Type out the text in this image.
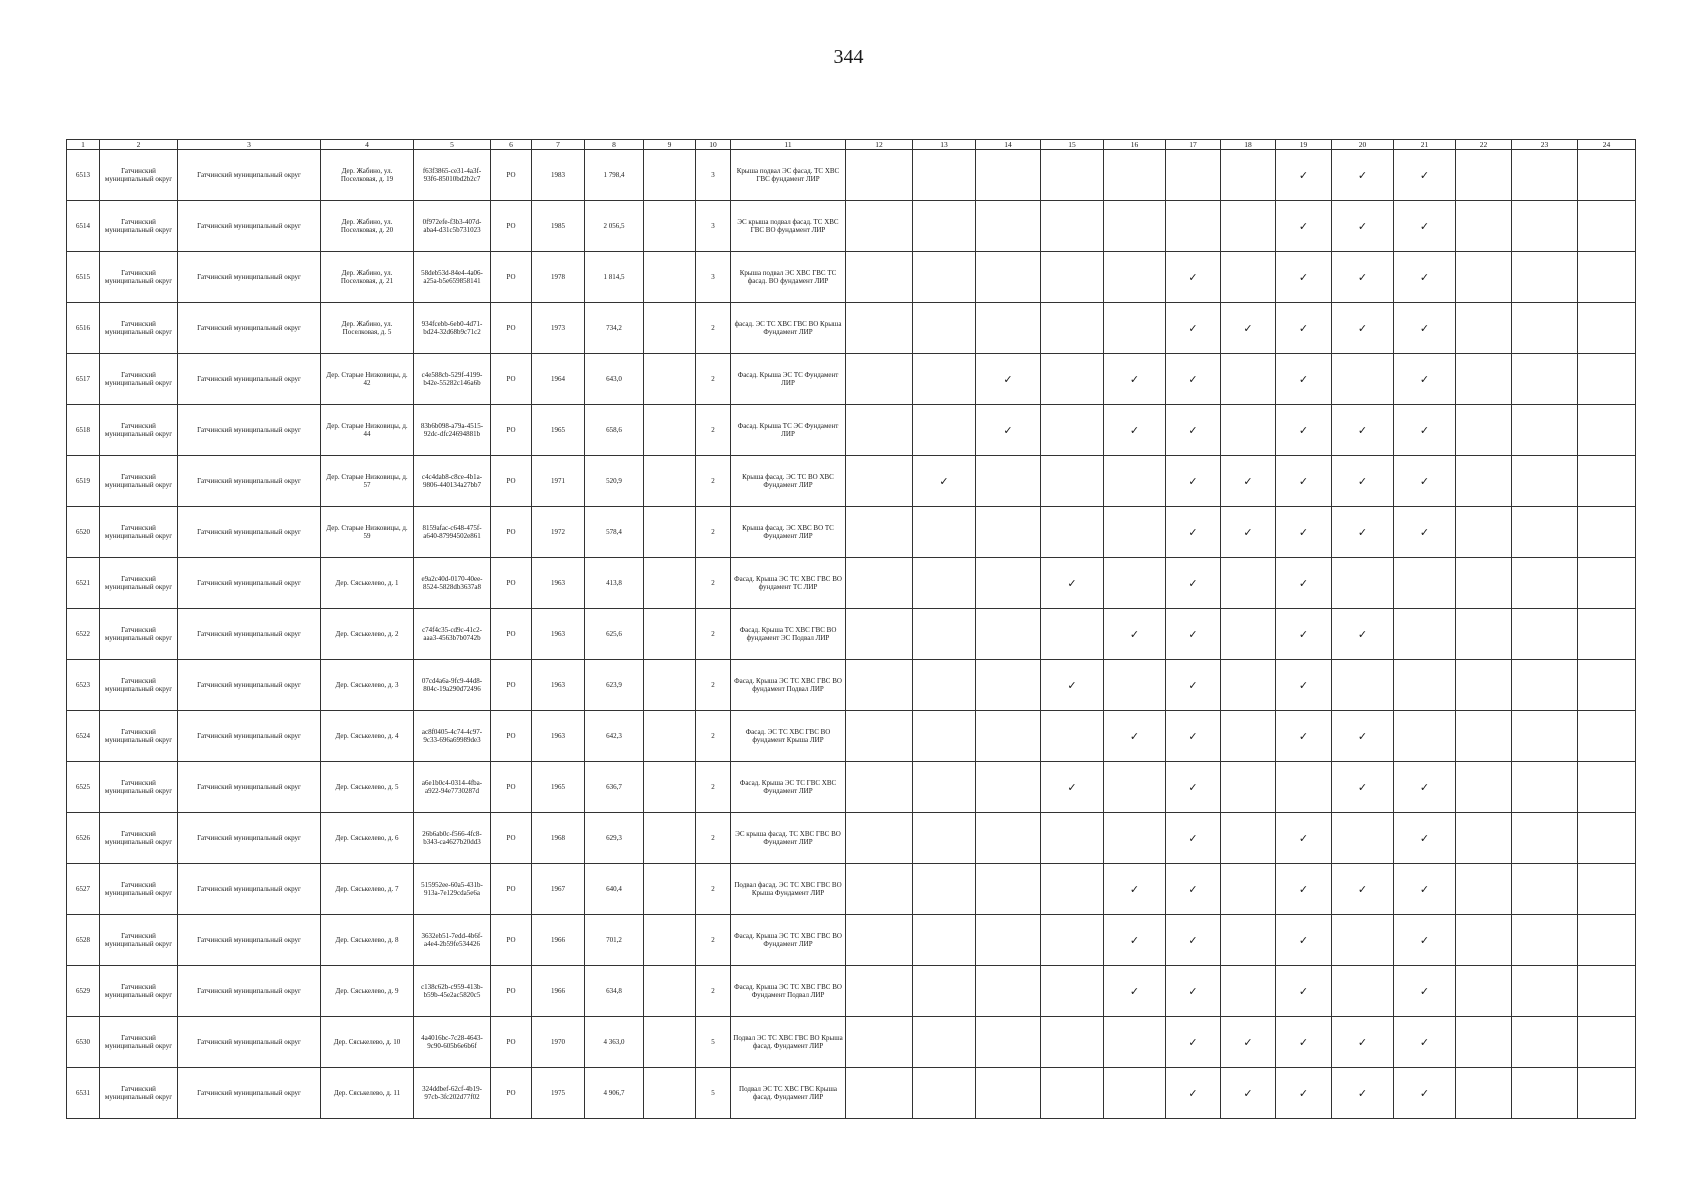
344
1	2	3	4	5	6	7	8	9	10	11	12	13	14	15	16	17	18	19	20	21	22	23	24
6513	Гатчинский муниципальный округ	Гатчинский муниципальный округ	Дер. Жабино, ул. Поселковая, д. 19	f63f3865-ce31-4a3f-93f6-85010bd2b2c7	РО	1983	1 798,4		3	Крыша подвал ЭС фасад. ТС ХВС ГВС фундамент ЛИР								✓	✓	✓			
6514	Гатчинский муниципальный округ	Гатчинский муниципальный округ	Дер. Жабино, ул. Поселковая, д. 20	0f972efe-f3b3-407d-aba4-d31c5b731023	РО	1985	2 056,5		3	ЭС крыша подвал фасад. ТС ХВС ГВС ВО фундамент ЛИР								✓	✓	✓			
6515	Гатчинский муниципальный округ	Гатчинский муниципальный округ	Дер. Жабино, ул. Поселковая, д. 21	58deb53d-84e4-4a06-a25a-b5e659858141	РО	1978	1 814,5		3	Крыша подвал ЭС ХВС ГВС ТС фасад. ВО фундамент ЛИР						✓		✓	✓	✓			
6516	Гатчинский муниципальный округ	Гатчинский муниципальный округ	Дер. Жабино, ул. Поселковая, д. 5	934fcebb-6eb0-4d71-bd24-32d68b9c71c2	РО	1973	734,2		2	фасад. ЭС ТС ХВС ГВС ВО Крыша Фундамент ЛИР						✓	✓	✓	✓	✓			
6517	Гатчинский муниципальный округ	Гатчинский муниципальный округ	Дер. Старые Низковицы, д. 42	c4e588cb-529f-4199-b42e-55282c146a6b	РО	1964	643,0		2	Фасад. Крыша ЭС ТС Фундамент ЛИР			✓		✓	✓		✓		✓			
6518	Гатчинский муниципальный округ	Гатчинский муниципальный округ	Дер. Старые Низковицы, д. 44	83b6b098-a79a-4515-92dc-dfc24694881b	РО	1965	658,6		2	Фасад. Крыша ТС ЭС Фундамент ЛИР			✓		✓	✓		✓	✓	✓			
6519	Гатчинский муниципальный округ	Гатчинский муниципальный округ	Дер. Старые Низковицы, д. 57	c4c4dab8-c8ce-4b1a-9806-440134a27bb7	РО	1971	520,9		2	Крыша фасад. ЭС ТС ВО ХВС Фундамент ЛИР		✓				✓	✓	✓	✓	✓			
6520	Гатчинский муниципальный округ	Гатчинский муниципальный округ	Дер. Старые Низковицы, д. 59	8159afac-c648-475f-a640-87994502e861	РО	1972	578,4		2	Крыша фасад. ЭС ХВС ВО ТС Фундамент ЛИР						✓	✓	✓	✓	✓			
6521	Гатчинский муниципальный округ	Гатчинский муниципальный округ	Дер. Сяськелево, д. 1	e9a2c40d-0170-40ee-8524-5828db3637a8	РО	1963	413,8		2	Фасад. Крыша ЭС ТС ХВС ГВС ВО фундамент ТС ЛИР				✓		✓		✓					
6522	Гатчинский муниципальный округ	Гатчинский муниципальный округ	Дер. Сяськелево, д. 2	c74f4c35-cd9c-41c2-aaa3-4563b7b0742b	РО	1963	625,6		2	Фасад. Крыша ТС ХВС ГВС ВО фундамент ЭС Подвал ЛИР					✓	✓		✓	✓				
6523	Гатчинский муниципальный округ	Гатчинский муниципальный округ	Дер. Сяськелево, д. 3	07cd4a6a-9fc9-44d8-804c-19a290d72496	РО	1963	623,9		2	Фасад. Крыша ЭС ТС ХВС ГВС ВО фундамент Подвал ЛИР				✓		✓		✓					
6524	Гатчинский муниципальный округ	Гатчинский муниципальный округ	Дер. Сяськелево, д. 4	ac8f0405-4c74-4c97-9c33-696a69989de3	РО	1963	642,3		2	Фасад. ЭС ТС ХВС ГВС ВО фундамент Крыша ЛИР					✓	✓		✓	✓				
6525	Гатчинский муниципальный округ	Гатчинский муниципальный округ	Дер. Сяськелево, д. 5	a6e1b0c4-0314-4fba-a922-94e7730287d	РО	1965	636,7		2	Фасад. Крыша ЭС ТС ГВС ХВС Фундамент ЛИР				✓		✓			✓	✓			
6526	Гатчинский муниципальный округ	Гатчинский муниципальный округ	Дер. Сяськелево, д. 6	26b6ab0c-f566-4fc8-b343-ca4627b20dd3	РО	1968	629,3		2	ЭС крыша фасад. ТС ХВС ГВС ВО Фундамент ЛИР						✓		✓		✓			
6527	Гатчинский муниципальный округ	Гатчинский муниципальный округ	Дер. Сяськелево, д. 7	515952ee-60a5-431b-913a-7e129cda5e6a	РО	1967	640,4		2	Подвал фасад. ЭС ТС ХВС ГВС ВО Крыша Фундамент ЛИР					✓	✓		✓	✓	✓			
6528	Гатчинский муниципальный округ	Гатчинский муниципальный округ	Дер. Сяськелево, д. 8	3632eb51-7edd-4b6f-a4e4-2b59fe534426	РО	1966	701,2		2	Фасад. Крыша ЭС ТС ХВС ГВС ВО Фундамент ЛИР					✓	✓		✓		✓			
6529	Гатчинский муниципальный округ	Гатчинский муниципальный округ	Дер. Сяськелево, д. 9	c138c62b-c959-413b-b59b-45e2ac5820c5	РО	1966	634,8		2	Фасад. Крыша ЭС ТС ХВС ГВС ВО Фундамент Подвал ЛИР					✓	✓		✓		✓			
6530	Гатчинский муниципальный округ	Гатчинский муниципальный округ	Дер. Сяськелево, д. 10	4a4016bc-7c28-4643-9c90-605b6e6b6f	РО	1970	4 363,0		5	Подвал ЭС ТС ХВС ГВС ВО Крыша фасад. Фундамент ЛИР						✓	✓	✓	✓	✓			
6531	Гатчинский муниципальный округ	Гатчинский муниципальный округ	Дер. Сяськелево, д. 11	324ddbef-62cf-4b19-97cb-3fc202d77f02	РО	1975	4 906,7		5	Подвал ЭС ТС ХВС ГВС Крыша фасад. Фундамент ЛИР						✓	✓	✓	✓	✓			
